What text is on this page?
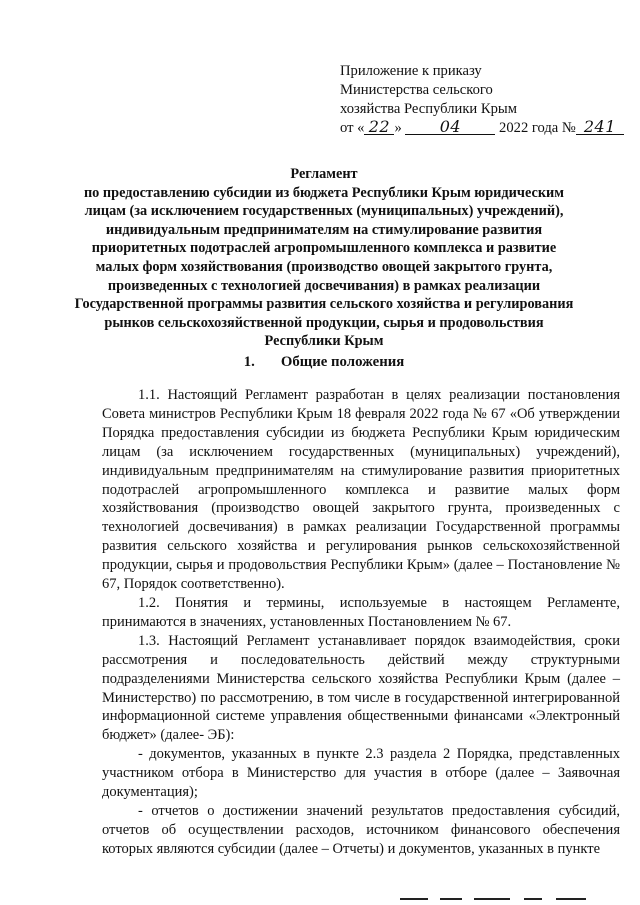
Приложение к приказу
Министерства сельского
хозяйства Республики Крым
от « 22 » 04	2022 года № 241

Регламент

по предоставлению субсидии из бюджета Республики Крым юридическим

лицам (за исключением государственных (муниципальных) учреждений),

индивидуальным предпринимателям на стимулирование развития

приоритетных подотраслей агропромышленного комплекса и развитие

малых форм хозяйствования (производство овощей закрытого грунта,

произведенных с технологией досвечивания) в рамках реализации

Государственной программы развития сельского хозяйства и регулирования

рынков сельскохозяйственной продукции, сырья и продовольствия

Республики Крым

1. Общие положения

1.1. Настоящий Регламент разработан в целях реализации постановления Совета министров Республики Крым 18 февраля 2022 года № 67 «Об утверждении Порядка предоставления субсидии из бюджета Республики Крым юридическим лицам (за исключением государственных (муниципальных) учреждений), индивидуальным предпринимателям на стимулирование развития приоритетных подотраслей агропромышленного комплекса и развитие малых форм хозяйствования (производство овощей закрытого грунта, произведенных с технологией досвечивания) в рамках реализации Государственной программы развития сельского хозяйства и регулирования рынков сельскохозяйственной продукции, сырья и продовольствия Республики Крым» (далее – Постановление № 67, Порядок соответственно).

1.2. Понятия и термины, используемые в настоящем Регламенте, принимаются в значениях, установленных Постановлением № 67.

1.3. Настоящий Регламент устанавливает порядок взаимодействия, сроки рассмотрения и последовательность действий между структурными подразделениями Министерства сельского хозяйства Республики Крым (далее – Министерство) по рассмотрению, в том числе в государственной интегрированной информационной системе управления общественными финансами «Электронный бюджет» (далее- ЭБ):

- документов, указанных в пункте 2.3 раздела 2 Порядка, представленных участником отбора в Министерство для участия в отборе (далее – Заявочная документация);

- отчетов о достижении значений результатов предоставления субсидий, отчетов об осуществлении расходов, источником финансового обеспечения которых являются субсидии (далее – Отчеты) и документов, указанных в пункте
